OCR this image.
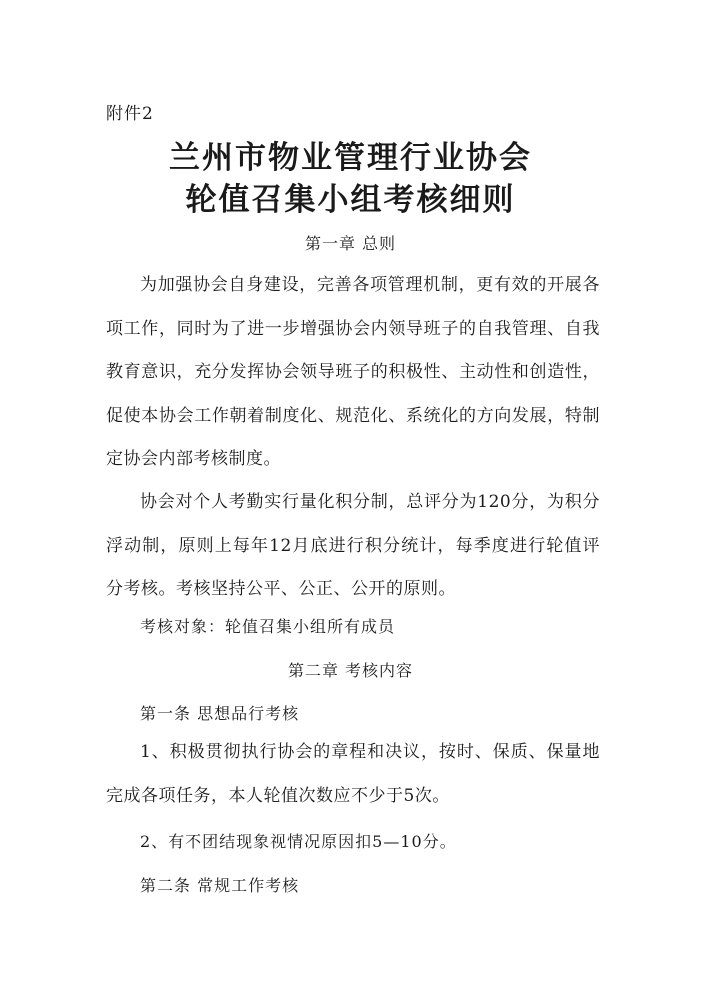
附件2
兰州市物业管理行业协会
轮值召集小组考核细则
第一章 总则
为加强协会自身建设，完善各项管理机制，更有效的开展各项工作，同时为了进一步增强协会内领导班子的自我管理、自我教育意识，充分发挥协会领导班子的积极性、主动性和创造性，促使本协会工作朝着制度化、规范化、系统化的方向发展，特制定协会内部考核制度。
协会对个人考勤实行量化积分制，总评分为120分，为积分浮动制，原则上每年12月底进行积分统计，每季度进行轮值评分考核。考核坚持公平、公正、公开的原则。
考核对象：轮值召集小组所有成员
第二章 考核内容
第一条 思想品行考核
1、积极贯彻执行协会的章程和决议，按时、保质、保量地完成各项任务，本人轮值次数应不少于5次。
2、有不团结现象视情况原因扣5—10分。
第二条 常规工作考核
